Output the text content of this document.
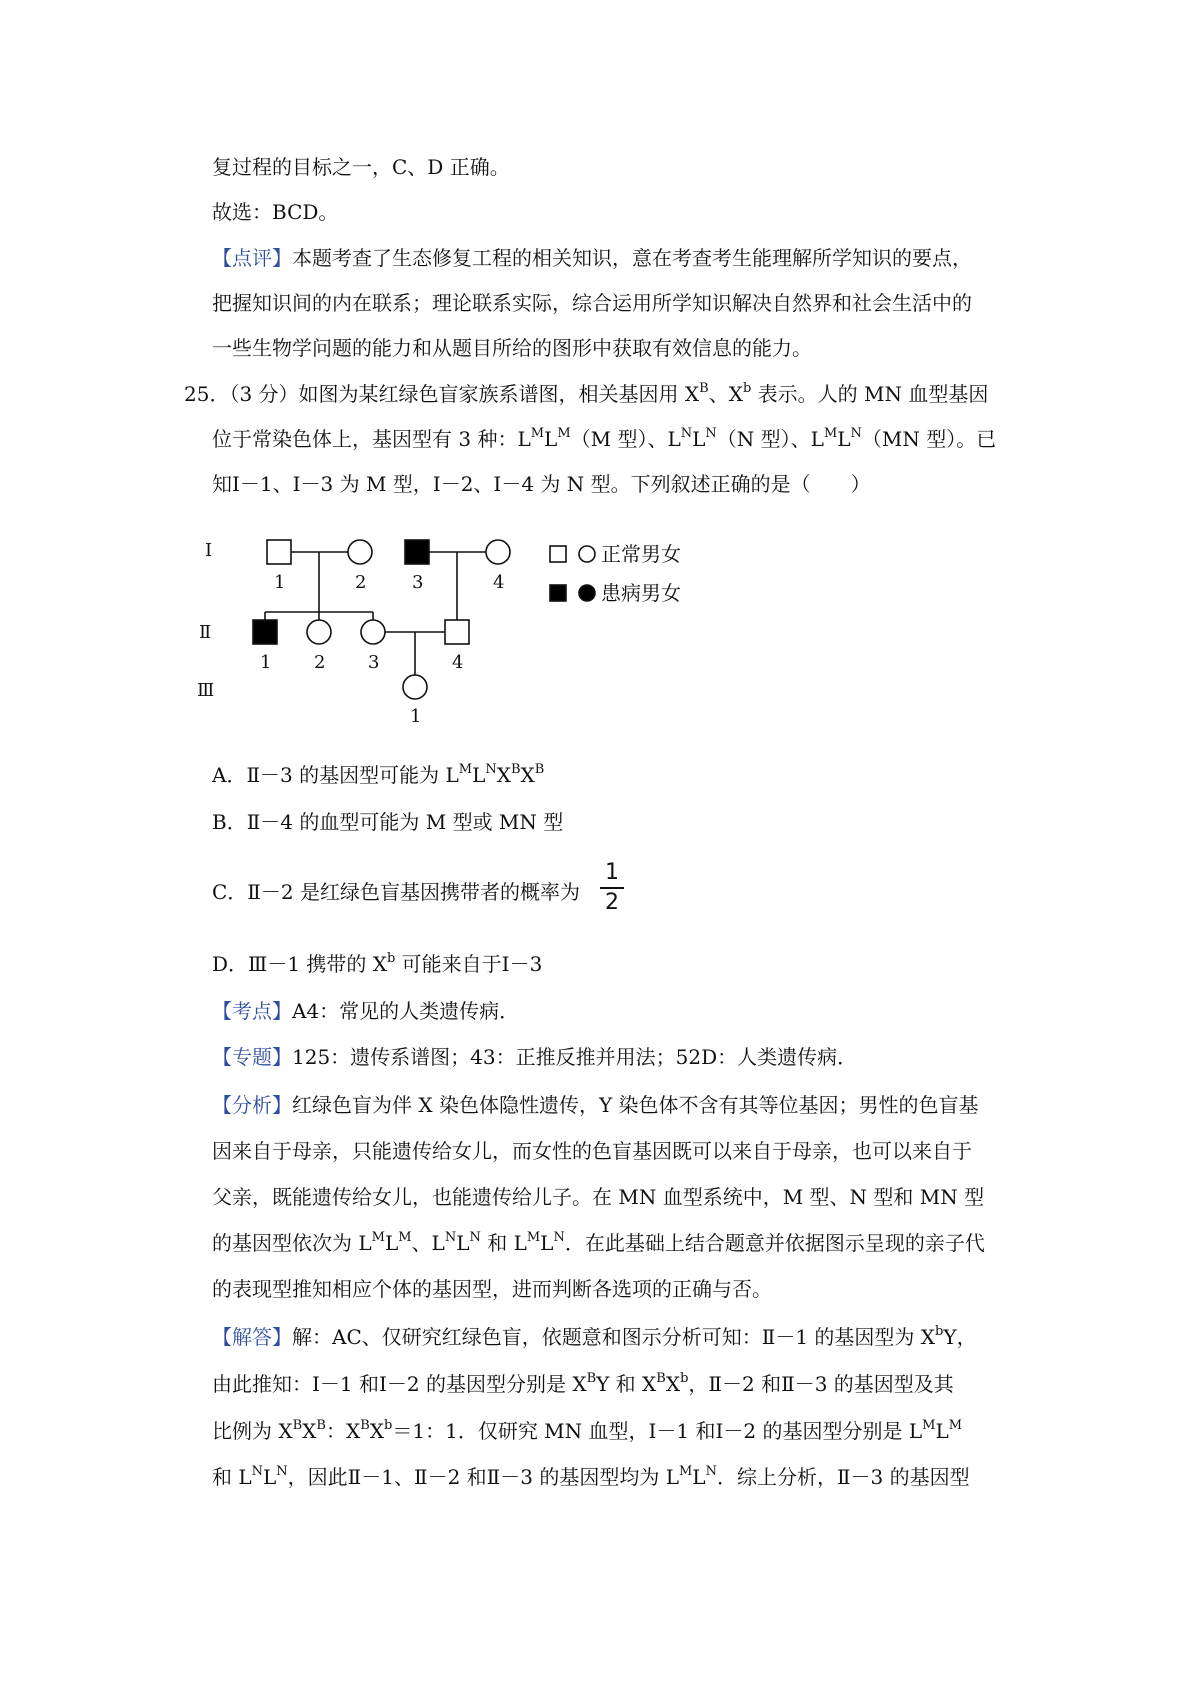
复过程的目标之一，C、D 正确。
故选：BCD。
【点评】本题考查了生态修复工程的相关知识，意在考查考生能理解所学知识的要点，
把握知识间的内在联系；理论联系实际，综合运用所学知识解决自然界和社会生活中的
一些生物学问题的能力和从题目所给的图形中获取有效信息的能力。
25．（3 分）如图为某红绿色盲家族系谱图，相关基因用 $X^B$、$X^b$ 表示。人的 MN 血型基因
位于常染色体上，基因型有 3 种：$L^ML^M(M$ 型）、$L^NL^N(N$ 型）、$L^ML^N(MN$ 型）。已
知Ⅰ－1、Ⅰ－3 为 M 型，Ⅰ－2、Ⅰ－4 为 N 型。下列叙述正确的是（　　）
Ⅰ
Ⅱ
Ⅲ
1	2	3	4
1 2 3	4
1
正常男女
患病男女
A．Ⅱ－3 的基因型可能为 $L^ML^NX^BX^B$
B．Ⅱ－4 的血型可能为 M 型或 MN 型
C．Ⅱ－2 是红绿色盲基因携带者的概率为
1
2
D．Ⅲ－1 携带的 $X^b$ 可能来自于Ⅰ－3
【考点】A4：常见的人类遗传病．
【专题】125：遗传系谱图；43：正推反推并用法；52D：人类遗传病．
【分析】红绿色盲为伴 X 染色体隐性遗传，Y 染色体不含有其等位基因；男性的色盲基
因来自于母亲，只能遗传给女儿，而女性的色盲基因既可以来自于母亲，也可以来自于
父亲，既能遗传给女儿，也能遗传给儿子。在 MN 血型系统中，M 型、N 型和 MN 型
的基因型依次为 $L^ML^M$、$L^NL^N$ 和 $L^ML^N$．在此基础上结合题意并依据图示呈现的亲子代
的表现型推知相应个体的基因型，进而判断各选项的正确与否。
【解答】解：AC、仅研究红绿色盲，依题意和图示分析可知：Ⅱ－1 的基因型为 $X^bY$，
由此推知：Ⅰ－1 和Ⅰ－2 的基因型分别是 $X^BY$ 和 $X^BX^b$，Ⅱ－2 和Ⅱ－3 的基因型及其
比例为 $X^BX^B$：$X^BX^b=1$：1．仅研究 MN 血型，Ⅰ－1 和Ⅰ－2 的基因型分别是 $L^ML^M$
和 $L^NL^N$，因此Ⅱ－1、Ⅱ－2 和Ⅱ－3 的基因型均为 $L^ML^N$．综上分析，Ⅱ－3 的基因型
